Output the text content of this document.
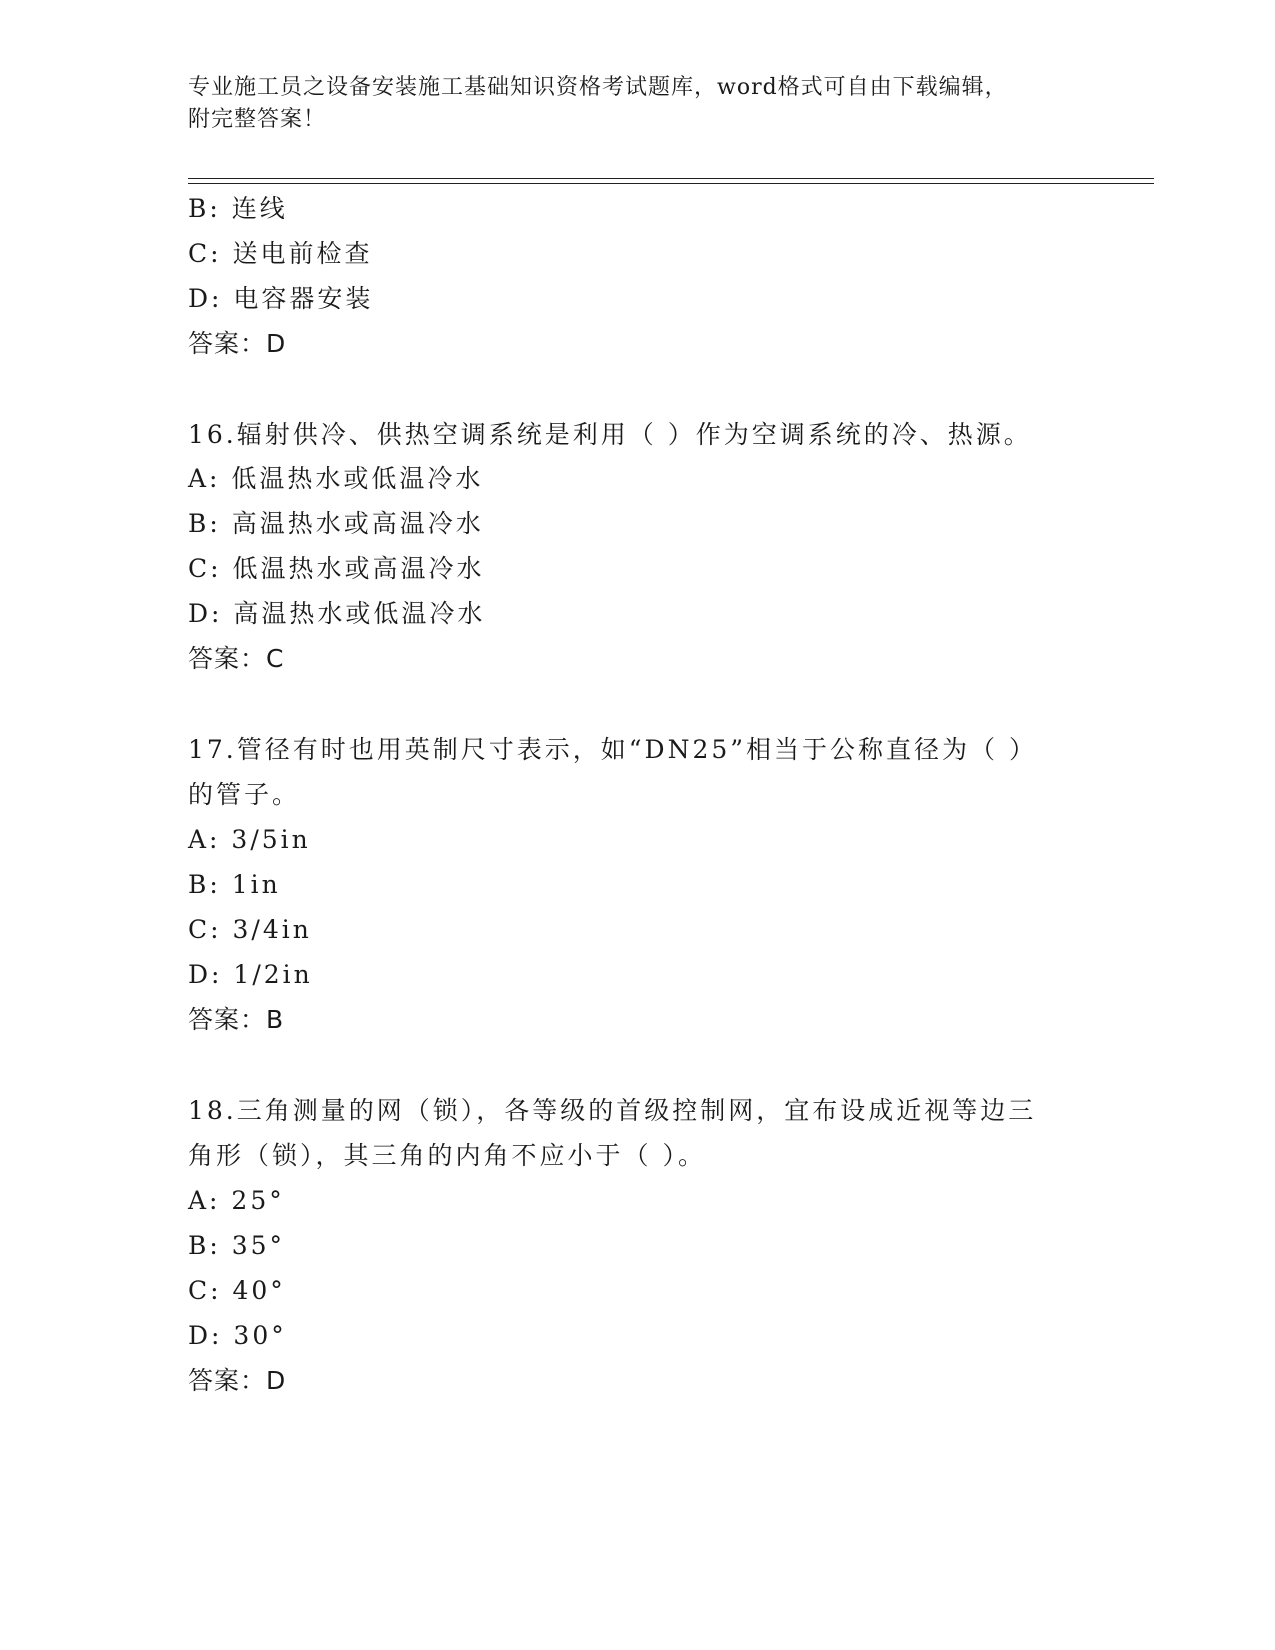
专业施工员之设备安装施工基础知识资格考试题库，word格式可自由下载编辑，
附完整答案！
B: 连线
C: 送电前检查
D: 电容器安装
答案：D
16.辐射供冷、供热空调系统是利用（ ）作为空调系统的冷、热源。
A: 低温热水或低温冷水
B: 高温热水或高温冷水
C: 低温热水或高温冷水
D: 高温热水或低温冷水
答案：C
17.管径有时也用英制尺寸表示，如“DN25”相当于公称直径为（ ）
的管子。
A: 3/5in
B: 1in
C: 3/4in
D: 1/2in
答案：B
18.三角测量的网（锁），各等级的首级控制网，宜布设成近视等边三
角形（锁），其三角的内角不应小于（ ）。
A: 25°
B: 35°
C: 40°
D: 30°
答案：D
